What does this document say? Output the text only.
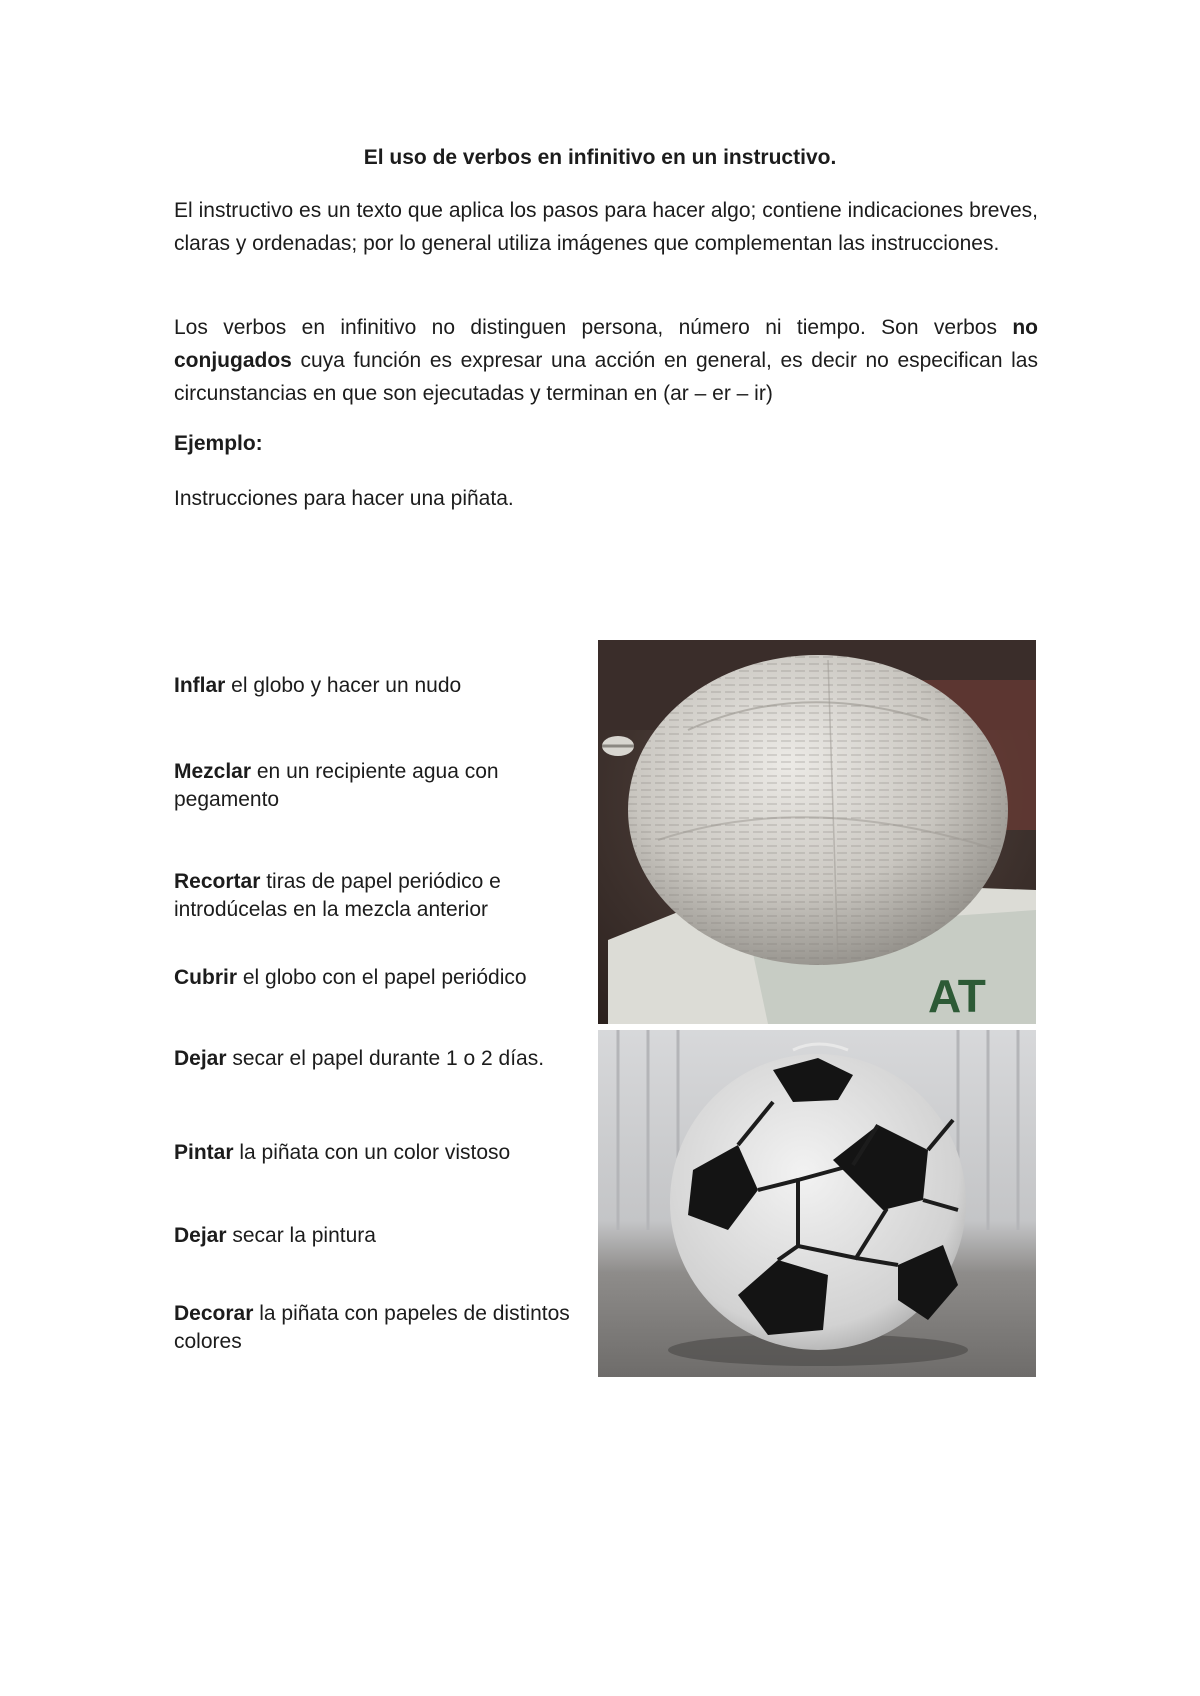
El uso de verbos en infinitivo en un instructivo.

El instructivo es un texto que aplica los pasos para hacer algo; contiene indicaciones breves, claras y ordenadas; por lo general utiliza imágenes que complementan las instrucciones.

Los verbos en infinitivo no distinguen persona, número ni tiempo. Son verbos no conjugados cuya función es expresar una acción en general, es decir no especifican las circunstancias en que son ejecutadas y terminan en (ar – er – ir)

Ejemplo:

Instrucciones para hacer una piñata.

Inflar el globo y hacer un nudo

Mezclar en un recipiente agua con pegamento

Recortar tiras de papel periódico e introdúcelas en la mezcla anterior

Cubrir el globo con el papel periódico

Dejar secar el papel durante 1 o 2 días.

Pintar la piñata con un color vistoso

Dejar secar la pintura

Decorar la piñata con papeles de distintos colores

AT
